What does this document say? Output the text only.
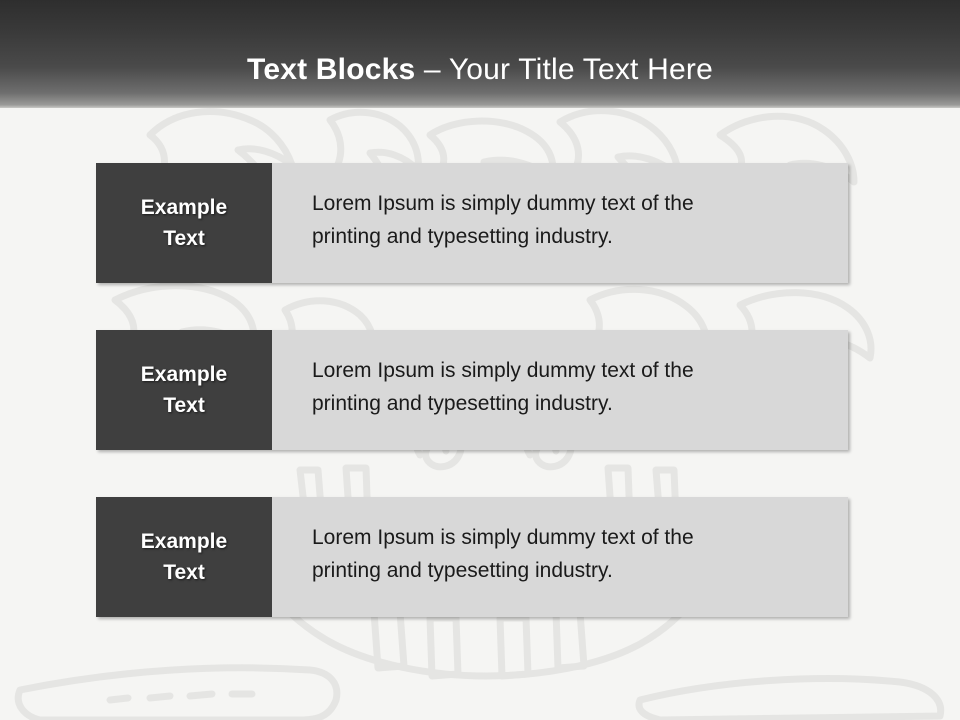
Text Blocks – Your Title Text Here
Example
Text
Lorem Ipsum is simply dummy text of the
printing and typesetting industry.
Example
Text
Lorem Ipsum is simply dummy text of the
printing and typesetting industry.
Example
Text
Lorem Ipsum is simply dummy text of the
printing and typesetting industry.
